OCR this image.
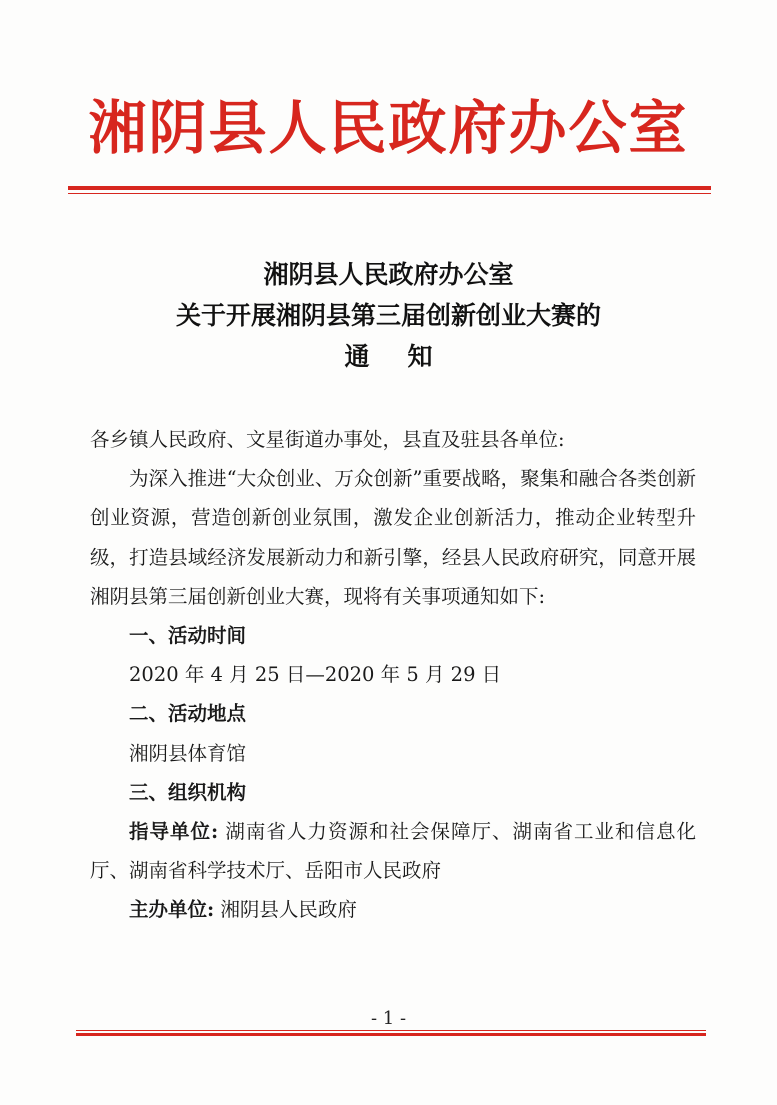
湘阴县人民政府办公室
湘阴县人民政府办公室
关于开展湘阴县第三届创新创业大赛的
通知

各乡镇人民政府、文星街道办事处，县直及驻县各单位:

为深入推进“大众创业、万众创新”重要战略，聚集和融合各类创新创业资源，营造创新创业氛围，激发企业创新活力，推动企业转型升级，打造县域经济发展新动力和新引擎，经县人民政府研究，同意开展湘阴县第三届创新创业大赛，现将有关事项通知如下:

一、活动时间

2020 年 4 月 25 日—2020 年 5 月 29 日

二、活动地点

湘阴县体育馆

三、组织机构

指导单位: 湖南省人力资源和社会保障厅、湖南省工业和信息化厅、湖南省科学技术厅、岳阳市人民政府

主办单位: 湘阴县人民政府

- 1 -
